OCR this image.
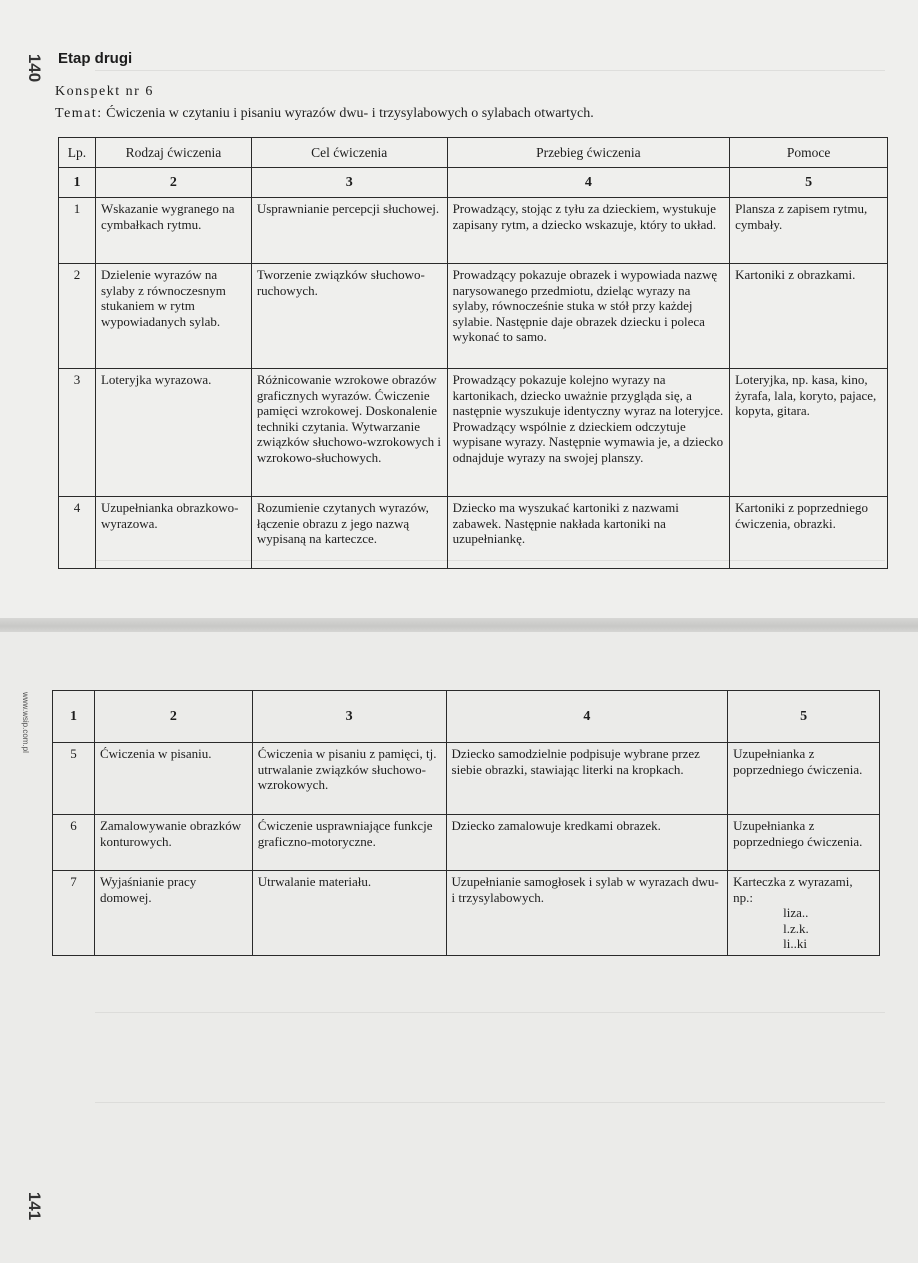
140 Etap drugi
Konspekt nr 6
Temat: Ćwiczenia w czytaniu i pisaniu wyrazów dwu- i trzysylabowych o sylabach otwartych.
Lp.	Rodzaj ćwiczenia	Cel ćwiczenia	Przebieg ćwiczenia	Pomoce
1	2	3	4	5
1	Wskazanie wygranego na cymbałkach rytmu.	Usprawnianie percepcji słuchowej.	Prowadzący, stojąc z tyłu za dzieckiem, wystukuje zapisany rytm, a dziecko wskazuje, który to układ.	Plansza z zapisem rytmu, cymbały.
2	Dzielenie wyrazów na sylaby z równoczesnym stukaniem w rytm wypowiadanych sylab.	Tworzenie związków słuchowo-ruchowych.	Prowadzący pokazuje obrazek i wypowiada nazwę narysowanego przedmiotu, dzieląc wyrazy na sylaby, równocześnie stuka w stół przy każdej sylabie. Następnie daje obrazek dziecku i poleca wykonać to samo.	Kartoniki z obrazkami.
3	Loteryjka wyrazowa.	Różnicowanie wzrokowe obrazów graficznych wyrazów. Ćwiczenie pamięci wzrokowej. Doskonalenie techniki czytania. Wytwarzanie związków słuchowo-wzrokowych i wzrokowo-słuchowych.	Prowadzący pokazuje kolejno wyrazy na kartonikach, dziecko uważnie przygląda się, a następnie wyszukuje identyczny wyraz na loteryjce. Prowadzący wspólnie z dzieckiem odczytuje wypisane wyrazy. Następnie wymawia je, a dziecko odnajduje wyrazy na swojej planszy.	Loteryjka, np. kasa, kino, żyrafa, lala, koryto, pajace, kopyta, gitara.
4	Uzupełnianka obrazkowo-wyrazowa.	Rozumienie czytanych wyrazów, łączenie obrazu z jego nazwą wypisaną na karteczce.	Dziecko ma wyszukać kartoniki z nazwami zabawek. Następnie nakłada kartoniki na uzupełniankę.	Kartoniki z poprzedniego ćwiczenia, obrazki.
www.wsip.com.pl
141
1	2	3	4	5
5	Ćwiczenia w pisaniu.	Ćwiczenia w pisaniu z pamięci, tj. utrwalanie związków słuchowo-wzrokowych.	Dziecko samodzielnie podpisuje wybrane przez siebie obrazki, stawiając literki na kropkach.	Uzupełnianka z poprzedniego ćwiczenia.
6	Zamalowywanie obrazków konturowych.	Ćwiczenie usprawniające funkcje graficzno-motoryczne.	Dziecko zamalowuje kredkami obrazek.	Uzupełnianka z poprzedniego ćwiczenia.
7	Wyjaśnianie pracy domowej.	Utrwalanie materiału.	Uzupełnianie samogłosek i sylab w wyrazach dwu- i trzysylabowych.	Karteczka z wyrazami, np.:
liza..
l.z.k.
li..ki
